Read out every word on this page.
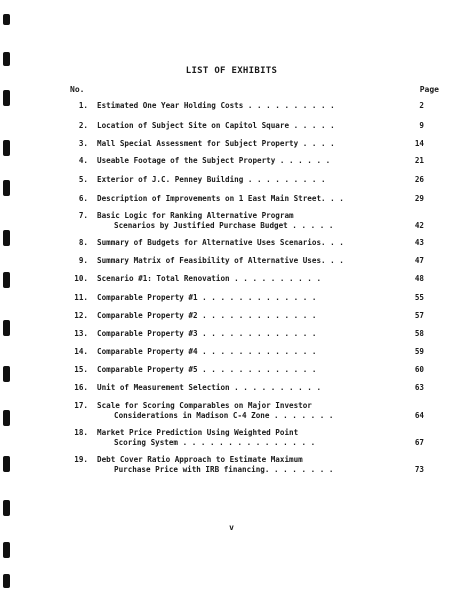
LIST OF EXHIBITS
No.	Page
1. Estimated One Year Holding Costs . . . . . . . . . .	2
2. Location of Subject Site on Capitol Square . . . . .	9
3. Mall Special Assessment for Subject Property . . . .	14
4. Useable Footage of the Subject Property . . . . . .	21
5. Exterior of J.C. Penney Building . . . . . . . . .	26
6. Description of Improvements on 1 East Main Street. . .	29
7. Basic Logic for Ranking Alternative Program
Scenarios by Justified Purchase Budget . . . . .	42
8. Summary of Budgets for Alternative Uses Scenarios. . .	43
9. Summary Matrix of Feasibility of Alternative Uses. . .	47
10. Scenario #1: Total Renovation . . . . . . . . . .	48
11. Comparable Property #1 . . . . . . . . . . . . .	55
12. Comparable Property #2 . . . . . . . . . . . . .	57
13. Comparable Property #3 . . . . . . . . . . . . .	58
14. Comparable Property #4 . . . . . . . . . . . . .	59
15. Comparable Property #5 . . . . . . . . . . . . .	60
16. Unit of Measurement Selection . . . . . . . . . .	63
17. Scale for Scoring Comparables on Major Investor
Considerations in Madison C-4 Zone . . . . . . .	64
18. Market Price Prediction Using Weighted Point
Scoring System . . . . . . . . . . . . . . .	67
19. Debt Cover Ratio Approach to Estimate Maximum
Purchase Price with IRB financing. . . . . . . .	73
v
